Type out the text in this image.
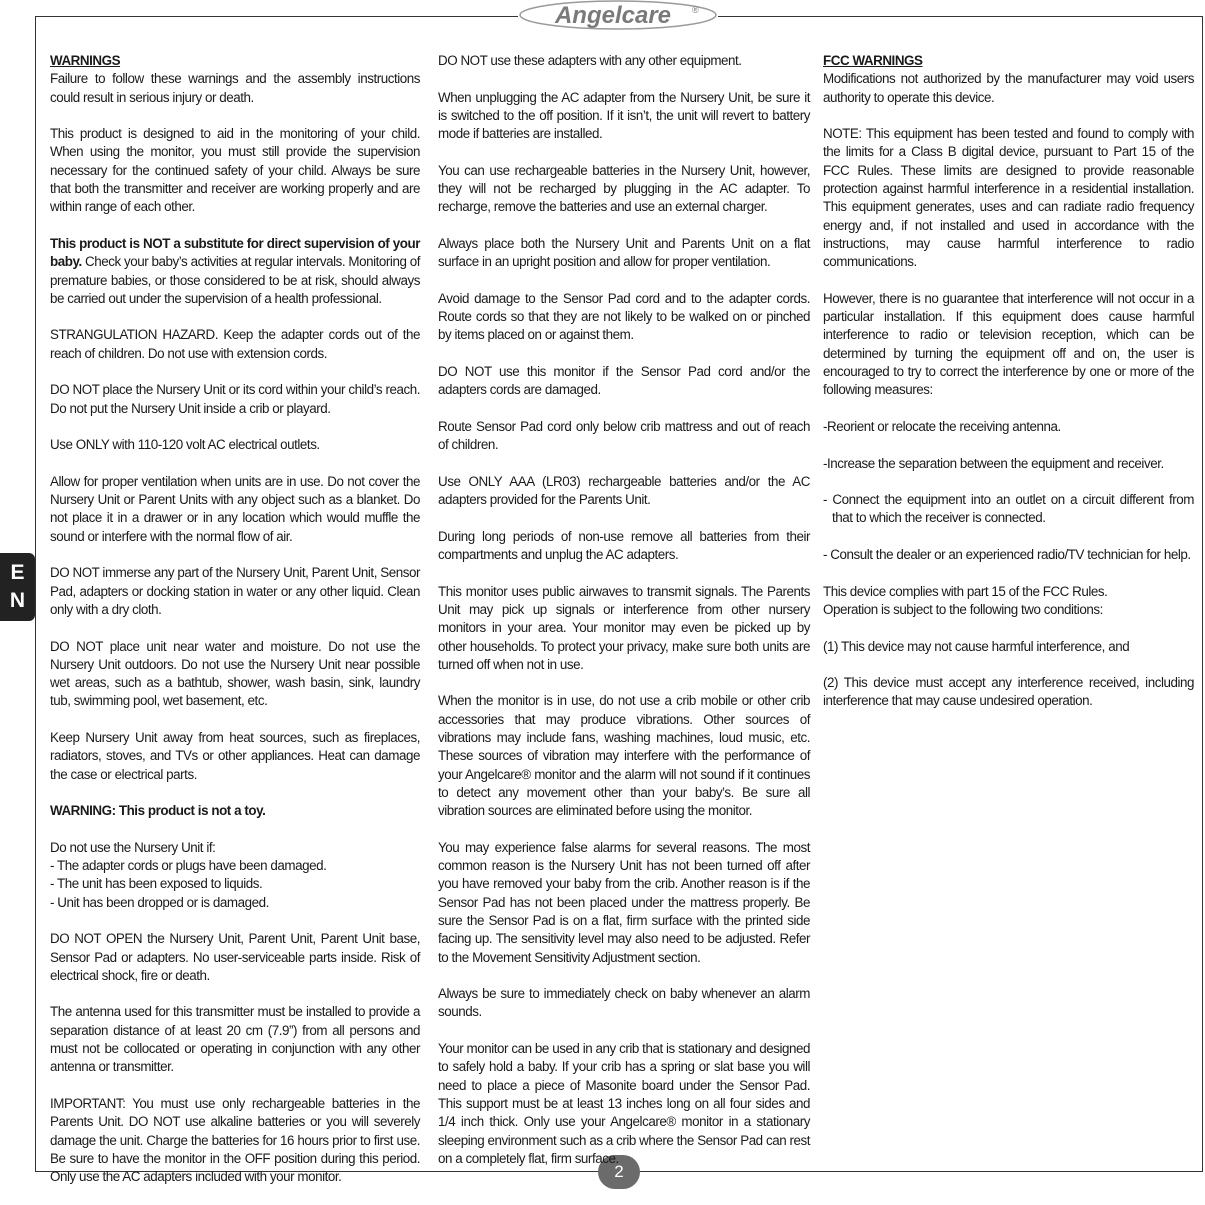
Angelcare ®
E
N
2

WARNINGS

Failure to follow these warnings and the assembly instructions could result in serious injury or death.

This product is designed to aid in the monitoring of your child. When using the monitor, you must still provide the supervision necessary for the continued safety of your child. Always be sure that both the transmitter and receiver are working properly and are within range of each other.

This product is NOT a substitute for direct supervision of your baby. Check your baby’s activities at regular intervals. Monitoring of premature babies, or those considered to be at risk, should always be carried out under the supervision of a health professional.

STRANGULATION HAZARD. Keep the adapter cords out of the reach of children. Do not use with extension cords.

DO NOT place the Nursery Unit or its cord within your child’s reach. Do not put the Nursery Unit inside a crib or playard.

Use ONLY with 110-120 volt AC electrical outlets.

Allow for proper ventilation when units are in use. Do not cover the Nursery Unit or Parent Units with any object such as a blanket. Do not place it in a drawer or in any location which would muffle the sound or interfere with the normal flow of air.

DO NOT immerse any part of the Nursery Unit, Parent Unit, Sensor Pad, adapters or docking station in water or any other liquid. Clean only with a dry cloth.

DO NOT place unit near water and moisture. Do not use the Nursery Unit outdoors. Do not use the Nursery Unit near possible wet areas, such as a bathtub, shower, wash basin, sink, laundry tub, swimming pool, wet basement, etc.

Keep Nursery Unit away from heat sources, such as fireplaces, radiators, stoves, and TVs or other appliances. Heat can damage the case or electrical parts.

WARNING: This product is not a toy.

Do not use the Nursery Unit if:

- The adapter cords or plugs have been damaged.

- The unit has been exposed to liquids.

- Unit has been dropped or is damaged.

DO NOT OPEN the Nursery Unit, Parent Unit, Parent Unit base, Sensor Pad or adapters. No user-serviceable parts inside. Risk of electrical shock, fire or death.

The antenna used for this transmitter must be installed to provide a separation distance of at least 20 cm (7.9”) from all persons and must not be collocated or operating in conjunction with any other antenna or transmitter.

IMPORTANT: You must use only rechargeable batteries in the Parents Unit. DO NOT use alkaline batteries or you will severely damage the unit. Charge the batteries for 16 hours prior to first use. Be sure to have the monitor in the OFF position during this period. Only use the AC adapters included with your monitor.

DO NOT use these adapters with any other equipment.

When unplugging the AC adapter from the Nursery Unit, be sure it is switched to the off position. If it isn’t, the unit will revert to battery mode if batteries are installed.

You can use rechargeable batteries in the Nursery Unit, however, they will not be recharged by plugging in the AC adapter. To recharge, remove the batteries and use an external charger.

Always place both the Nursery Unit and Parents Unit on a flat surface in an upright position and allow for proper ventilation.

Avoid damage to the Sensor Pad cord and to the adapter cords. Route cords so that they are not likely to be walked on or pinched by items placed on or against them.

DO NOT use this monitor if the Sensor Pad cord and/or the adapters cords are damaged.

Route Sensor Pad cord only below crib mattress and out of reach of children.

Use ONLY AAA (LR03) rechargeable batteries and/or the AC adapters provided for the Parents Unit.

During long periods of non-use remove all batteries from their compartments and unplug the AC adapters.

This monitor uses public airwaves to transmit signals. The Parents Unit may pick up signals or interference from other nursery monitors in your area. Your monitor may even be picked up by other households. To protect your privacy, make sure both units are turned off when not in use.

When the monitor is in use, do not use a crib mobile or other crib accessories that may produce vibrations. Other sources of vibrations may include fans, washing machines, loud music, etc. These sources of vibration may interfere with the performance of your Angelcare® monitor and the alarm will not sound if it continues to detect any movement other than your baby’s. Be sure all vibration sources are eliminated before using the monitor.

You may experience false alarms for several reasons. The most common reason is the Nursery Unit has not been turned off after you have removed your baby from the crib. Another reason is if the Sensor Pad has not been placed under the mattress properly. Be sure the Sensor Pad is on a flat, firm surface with the printed side facing up. The sensitivity level may also need to be adjusted. Refer to the Movement Sensitivity Adjustment section.

Always be sure to immediately check on baby whenever an alarm sounds.

Your monitor can be used in any crib that is stationary and designed to safely hold a baby. If your crib has a spring or slat base you will need to place a piece of Masonite board under the Sensor Pad. This support must be at least 13 inches long on all four sides and 1/4 inch thick. Only use your Angelcare® monitor in a stationary sleeping environment such as a crib where the Sensor Pad can rest on a completely flat, firm surface.

FCC WARNINGS

Modifications not authorized by the manufacturer may void users authority to operate this device.

NOTE: This equipment has been tested and found to comply with the limits for a Class B digital device, pursuant to Part 15 of the FCC Rules. These limits are designed to provide reasonable protection against harmful interference in a residential installation. This equipment generates, uses and can radiate radio frequency energy and, if not installed and used in accordance with the instructions, may cause harmful interference to radio communications.

However, there is no guarantee that interference will not occur in a particular installation. If this equipment does cause harmful interference to radio or television reception, which can be determined by turning the equipment off and on, the user is encouraged to try to correct the interference by one or more of the following measures:

-Reorient or relocate the receiving antenna.

-Increase the separation between the equipment and receiver.

- Connect the equipment into an outlet on a circuit different from that to which the receiver is connected.

- Consult the dealer or an experienced radio/TV technician for help.

This device complies with part 15 of the FCC Rules.

Operation is subject to the following two conditions:

(1) This device may not cause harmful interference, and

(2) This device must accept any interference received, including interference that may cause undesired operation.
